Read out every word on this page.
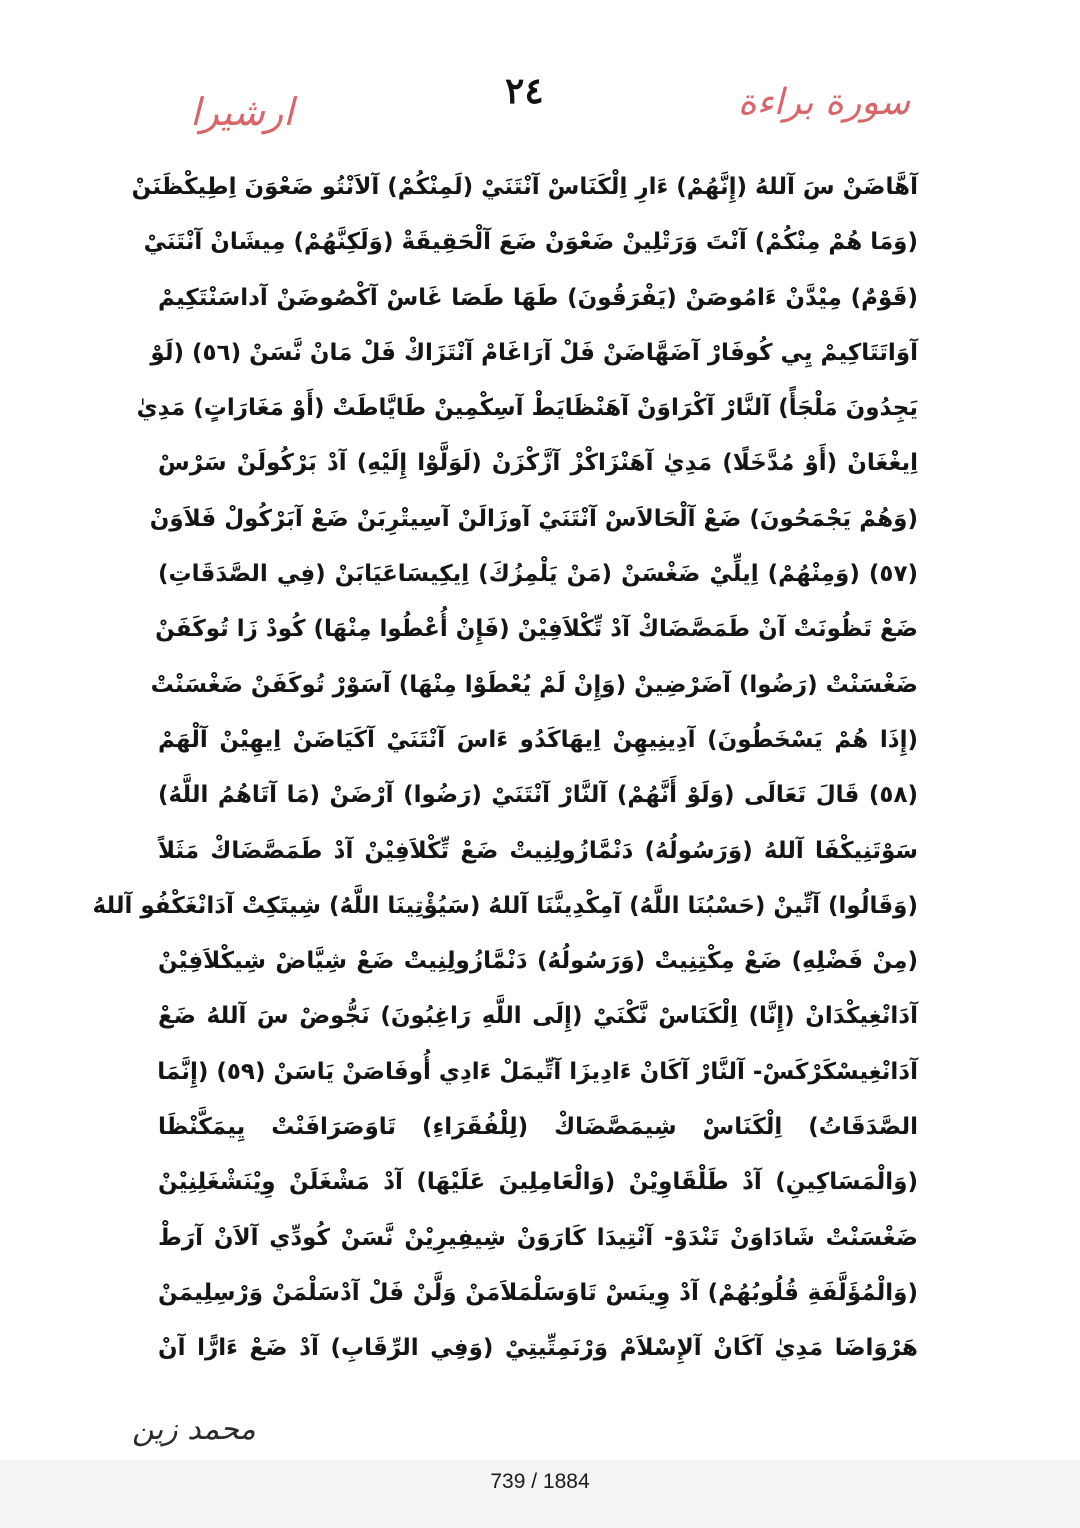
ارشيرا	٢٤	سورة براءة
آهَّاضَنْ سَ آللهُ (إِنَّهُمْ) ءَارِ اِلْكَنَاسْ آنْتَنَيْ (لَمِنْكُمْ) آلاَنْتُو ضَعْوَنَ اِطِيكْظَنَنْ
(وَمَا هُمْ مِنْكُمْ) آنْتَ وَرَتْلِينْ ضَعْوَنْ ضَعَ آلْحَقِيقَةْ (وَلَكِنَّهُمْ) مِيشَانْ آنْتَنَيْ
(قَوْمٌ) مِيْدَّنْ ءَامُوصَنْ (يَفْرَقُونَ) طَهَا طَصَا غَاسْ آكْصُوضَنْ آداسَنْتَكِيمْ
آوَاتَتَاكِيمْ يِي كُوفَارْ آضَهَّاضَنْ فَلْ آرَاغَامْ آنْتَزَاكْ فَلْ مَانْ نَّسَنْ (٥٦) (لَوْ
يَجِدُونَ مَلْجَأً) آلنَّارْ آكْرَاوَنْ آهَنْظَايَطْ آسِكْمِينْ طَايَّاطَتْ (أَوْ مَغَارَاتٍ) مَدِيٰ
اِيغْغَانْ (أَوْ مُدَّخَلًا) مَدِيٰ آهَنْزَاكْزْ آزَّكْزَنْ (لَوَلَّوْا إِلَيْهِ) آدْ بَرْكُولَنْ سَرْسْ
(وَهُمْ يَجْمَحُونَ) ضَعْ آلْحَالاَسْ آنْتَنَيْ آوزَالَنْ آسِيتْرِبَنْ ضَعْ آبَرْكُولْ فَلاَوَنْ
(٥٧) (وَمِنْهُمْ) اِيلِّيْ ضَغْسَنْ (مَنْ يَلْمِزُكَ) اِيكِيسَاعَيَابَنْ (فِي الصَّدَقَاتِ)
ضَعْ تَظُونَتْ آنْ طَمَصَّضَاكْ آدْ تِّكْلاَفِيْنْ (فَإِنْ أُعْطُوا مِنْهَا) كُودْ زَا تُوكَفَنْ
ضَغْسَنْتْ (رَضُوا) آضَرْضِينْ (وَإِنْ لَمْ يُعْطَوْا مِنْهَا) آسَوْرْ تُوكَفَنْ ضَغْسَنْتْ
(إِذَا هُمْ يَسْخَطُونَ) آدِينِيهِنْ اِيهَاكَدُو ءَاسَ آنْتَنَيْ آكَيَاضَنْ اِيهِيْنْ آلْهَمْ
(٥٨) قَالَ تَعَالَى (وَلَوْ أَنَّهُمْ) آلنَّارْ آنْتَنَيْ (رَضُوا) آرْضَنْ (مَا آتَاهُمُ اللَّهُ)
سَوْتَنِيكْفَا آللهُ (وَرَسُولُهُ) دَنْمَّازُولِنِيتْ ضَعْ تِّكْلاَفِيْنْ آدْ طَمَصَّضَاكْ مَثَلاً
(وَقَالُوا) آتِّينْ (حَسْبُنَا اللَّهُ) آمِكْدِينَّنَا آللهُ (سَيُؤْتِينَا اللَّهُ) شِيتَكِتْ آدَانْغَكْفُو آللهُ
(مِنْ فَضْلِهِ) ضَعْ مِكْتِنِيتْ (وَرَسُولُهُ) دَنْمَّازُولِنِيتْ ضَعْ شِيَّاضْ شِيكْلاَفِيْنْ
آدَانْغِيكْدَانْ (إِنَّا) اِلْكَنَاسْ نَّكْنَيْ (إِلَى اللَّهِ رَاغِبُونَ) نَجُّوضْ سَ آللهُ ضَعْ
آدَانْغِيسْكَرْكَسْ- آلنَّارْ آكَانْ ءَادِيزَا آتِّيمَلْ ءَادِي أُوفَاصَنْ يَاسَنْ (٥٩) (إِنَّمَا
الصَّدَقَاتُ) اِلْكَنَاسْ شِيمَصَّضَاكْ (لِلْفُقَرَاءِ) تَاوَصَرَافَنْتْ يِيمَكَّنْظَا
(وَالْمَسَاكِينِ) آدْ طَلْقَاوِيْنْ (وَالْعَامِلِينَ عَلَيْهَا) آدْ مَشْغَلَنْ وِيْنَشْغَلِنِيْنْ
ضَغْسَنْتْ شَادَاوَنْ تَنْدَوْ- آنْتِيدَا كَارَوَنْ شِيفِيرِيْنْ نَّسَنْ كُودِّي آلاَنْ آرَطْ
(وَالْمُؤَلَّفَةِ قُلُوبُهُمْ) آدْ وِينَسْ تَاوَسَلْمَلاَمَنْ وَلَّنْ فَلْ آدْسَلْمَنْ وَرْسِلِيمَنْ
هَرْوَاضَا مَدِيٰ آكَانْ آلإِسْلاَمْ وَرْنَمِتِّيتِيْ (وَفِي الرِّقَابِ) آدْ ضَعْ ءَارًّا آنْ
محمد زين
739 / 1884
